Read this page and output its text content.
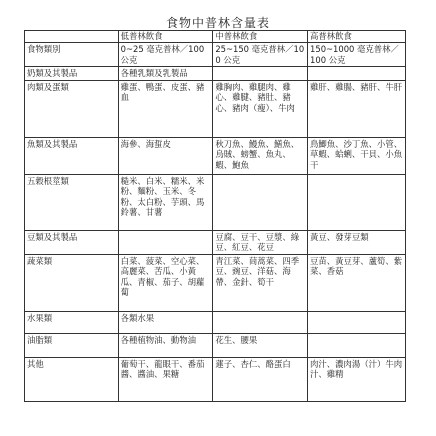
食物中普林含量表
	低普林飲食	中普林飲食	高普林飲食
食物類別	0~25 毫克普林／100 公克	25~150 毫克普林／100 公克	150~1000 毫克普林／100 公克
奶類及其製品	各種乳類及乳製品		
肉類及蛋類	雞蛋、鴨蛋、皮蛋、豬血	雞胸肉、雞腿肉、雞心、雞腱、豬肚、豬心、豬肉（瘦）、牛肉	雞肝、雞腸、豬肝、牛肝
魚類及其製品	海參、海蜇皮	秋刀魚、鰻魚、鱔魚、烏賊、螃蟹、魚丸、蝦、鮑魚	鳥鯽魚、沙丁魚、小管、草蝦、蛤蜊、干貝、小魚干
五穀根莖類	糙米、白米、糯米、米粉、麵粉、玉米、冬粉、太白粉、芋頭、馬鈴薯、甘薯		
豆類及其製品		豆腐、豆干、豆漿、綠豆、紅豆、花豆	黃豆、發芽豆類
蔬菜類	白菜、菠菜、空心菜、高麗菜、苦瓜、小黃瓜、青椒、茄子、胡蘿蔔	青江菜、茼蒿菜、四季豆、豌豆、洋菇、海帶、金針、筍干	豆苗、黃豆芽、蘆筍、紫菜、香菇
水果類	各類水果		
油脂類	各種植物油、動物油	花生、腰果	
其他	葡萄干、龍眼干、番茄醬、醬油、果糖	蓮子、杏仁、酪蛋白	肉汁、濃肉湯（汁）牛肉汁、雞精
